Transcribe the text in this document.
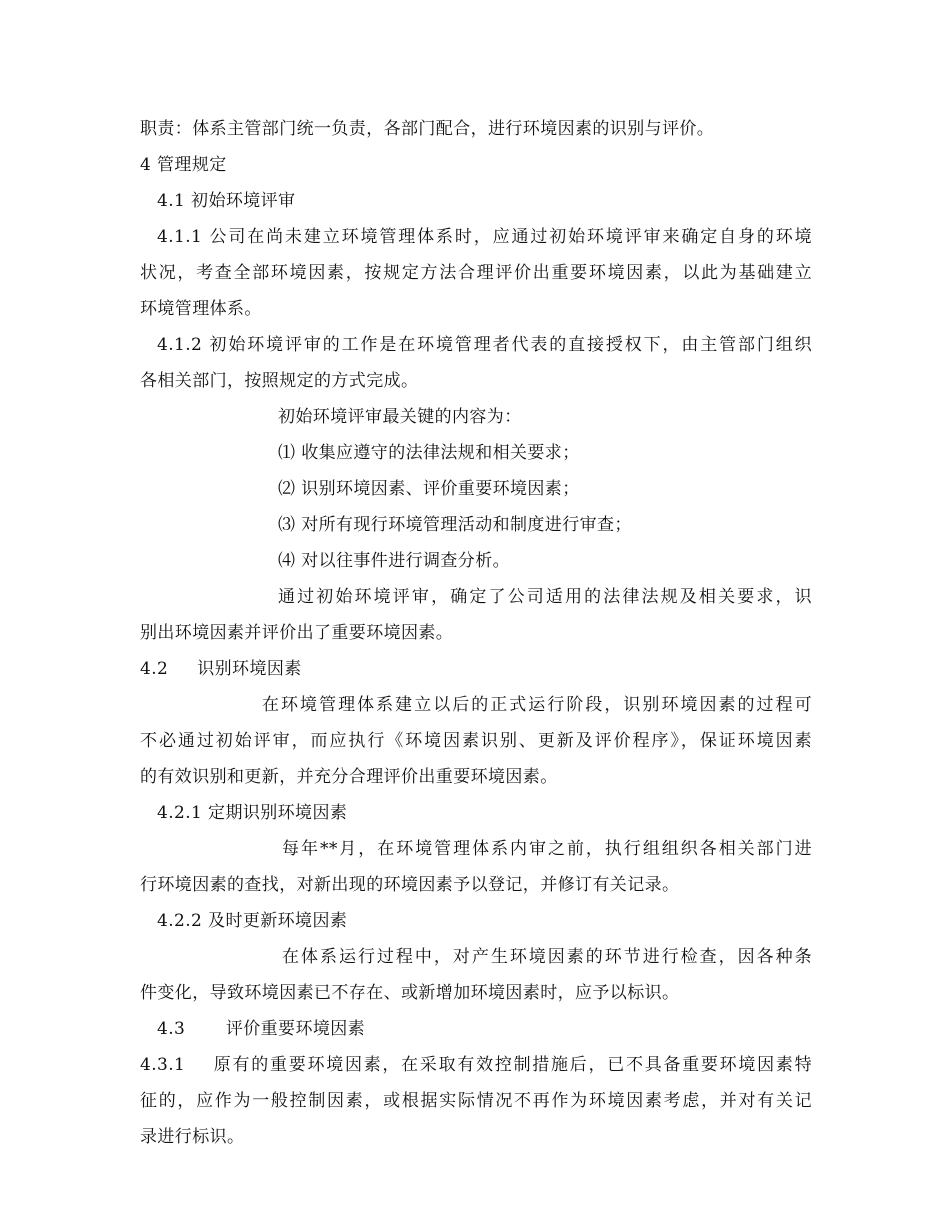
职责：体系主管部门统一负责，各部门配合，进行环境因素的识别与评价。
4 管理规定
4.1 初始环境评审
4.1.1 公司在尚未建立环境管理体系时，应通过初始环境评审来确定自身的环境
状况，考查全部环境因素，按规定方法合理评价出重要环境因素，以此为基础建立
环境管理体系。
4.1.2 初始环境评审的工作是在环境管理者代表的直接授权下，由主管部门组织
各相关部门，按照规定的方式完成。
初始环境评审最关键的内容为：
⑴ 收集应遵守的法律法规和相关要求；
⑵ 识别环境因素、评价重要环境因素；
⑶ 对所有现行环境管理活动和制度进行审查；
⑷ 对以往事件进行调查分析。
通过初始环境评审，确定了公司适用的法律法规及相关要求，识
别出环境因素并评价出了重要环境因素。
4.2     识别环境因素
在环境管理体系建立以后的正式运行阶段，识别环境因素的过程可
不必通过初始评审，而应执行《环境因素识别、更新及评价程序》，保证环境因素
的有效识别和更新，并充分合理评价出重要环境因素。
4.2.1 定期识别环境因素
每年**月，在环境管理体系内审之前，执行组组织各相关部门进
行环境因素的查找，对新出现的环境因素予以登记，并修订有关记录。
4.2.2 及时更新环境因素
在体系运行过程中，对产生环境因素的环节进行检查，因各种条
件变化，导致环境因素已不存在、或新增加环境因素时，应予以标识。
4.3       评价重要环境因素
4.3.1    原有的重要环境因素，在采取有效控制措施后，已不具备重要环境因素特
征的，应作为一般控制因素，或根据实际情况不再作为环境因素考虑，并对有关记
录进行标识。
